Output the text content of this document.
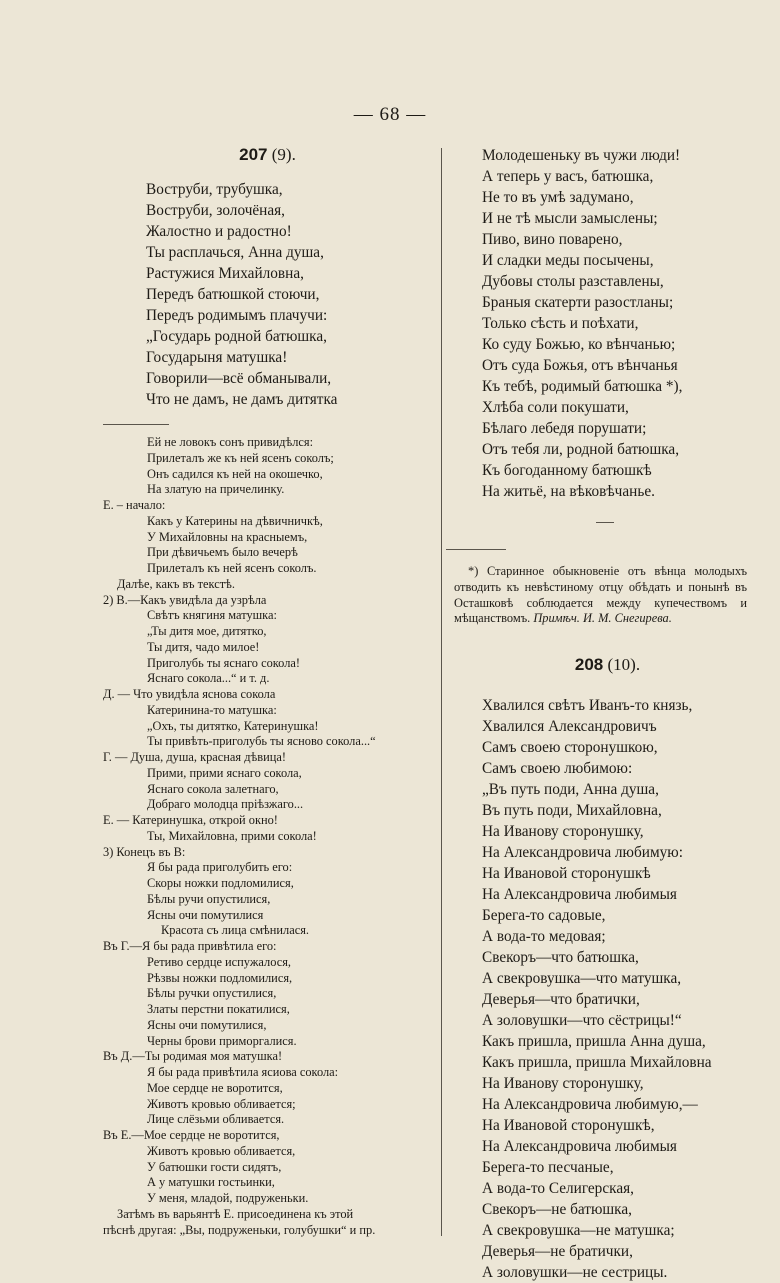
— 68 —
207 (9).
Воструби, трубушка,
Воструби, золочёная,
Жалостно и радостно!
Ты расплачься, Анна душа,
Растужися Михайловна,
Передъ батюшкой стоючи,
Передъ родимымъ плачучи:
„Государь родной батюшка,
Государыня матушка!
Говорили—всё обманывали,
Что не дамъ, не дамъ дитятка
Ей не ловокъ сонъ привидѣлся:
Прилеталъ же къ ней ясенъ соколъ;
Онъ садился къ ней на окошечко,
На златую на причелинку.
Е. – начало:
Какъ у Катерины на дѣвичничкѣ,
У Михайловны на красныемъ,
При дѣвичьемъ было вечерѣ
Прилеталъ къ ней ясенъ соколъ.
Далѣе, какъ въ текстѣ.
2) В.—Какъ увидѣла да узрѣла
Свѣтъ княгиня матушка:
„Ты дитя мое, дитятко,
Ты дитя, чадо милое!
Приголубь ты яснаго сокола!
Яснаго сокола...“ и т. д.
Д. — Что увидѣла яснова сокола
Катеринина-то матушка:
„Охъ, ты дитятко, Катеринушка!
Ты привѣть-приголубь ты ясново сокола...“
Г. — Душа, душа, красная дѣвица!
Прими, прими яснаго сокола,
Яснаго сокола залетнаго,
Добраго молодца пріѣзжаго...
Е. — Катеринушка, открой окно!
Ты, Михайловна, прими сокола!
3) Конецъ въ В:
Я бы рада приголубить его:
Скоры ножки подломилися,
Бѣлы ручи опустилися,
Ясны очи помутилися
Красота съ лица смѣнилася.
Въ Г.—Я бы рада привѣтила его:
Ретиво сердце испужалося,
Рѣзвы ножки подломилися,
Бѣлы ручки опустилися,
Златы перстни покатилися,
Ясны очи помутилися,
Черны брови приморгалися.
Въ Д.—Ты родимая моя матушка!
Я бы рада привѣтила ясиова сокола:
Мое сердце не воротится,
Животъ кровью обливается;
Лице слёзьми обливается.
Въ Е.—Мое сердце не воротится,
Животъ кровью обливается,
У батюшки гости сидятъ,
А у матушки гостьинки,
У меня, младой, подруженьки.
Затѣмъ въ варьянтѣ Е. присоединена къ этой
пѣснѣ другая: „Вы, подруженьки, голубушки“ и пр.
Молодешеньку въ чужи люди!
А теперь у васъ, батюшка,
Не то въ умѣ задумано,
И не тѣ мысли замыслены;
Пиво, вино поварено,
И сладки меды посычены,
Дубовы столы разставлены,
Браныя скатерти разостланы;
Только сѣсть и поѣхати,
Ко суду Божью, ко вѣнчанью;
Отъ суда Божья, отъ вѣнчанья
Къ тебѣ, родимый батюшка *),
Хлѣба соли покушати,
Бѣлаго лебедя порушати;
Отъ тебя ли, родной батюшка,
Къ богоданному батюшкѣ
На житьё, на вѣковѣчанье.
*) Старинное обыкновеніе отъ вѣнца молодыхъ отводить къ невѣстиному отцу обѣдать и понынѣ въ Осташковѣ соблюдается между купечествомъ и мѣщанствомъ. Примѣч. И. М. Снегирева.
208 (10).
Хвалился свѣтъ Иванъ-то князь,
Хвалился Александровичъ
Самъ своею сторонушкою,
Самъ своею любимою:
„Въ путь поди, Анна душа,
Въ путь поди, Михайловна,
На Иванову сторонушку,
На Александровича любимую:
На Ивановой сторонушкѣ
На Александровича любимыя
Берега-то садовые,
А вода-то медовая;
Свекоръ—что батюшка,
А свекровушка—что матушка,
Деверья—что братички,
А золовушки—что сёстрицы!“
Какъ пришла, пришла Анна душа,
Какъ пришла, пришла Михайловна
На Иванову сторонушку,
На Александровича любимую,—
На Ивановой сторонушкѣ,
На Александровича любимыя
Берега-то песчаные,
А вода-то Селигерская,
Свекоръ—не батюшка,
А свекровушка—не матушка;
Деверья—не братички,
А золовушки—не сестрицы.
